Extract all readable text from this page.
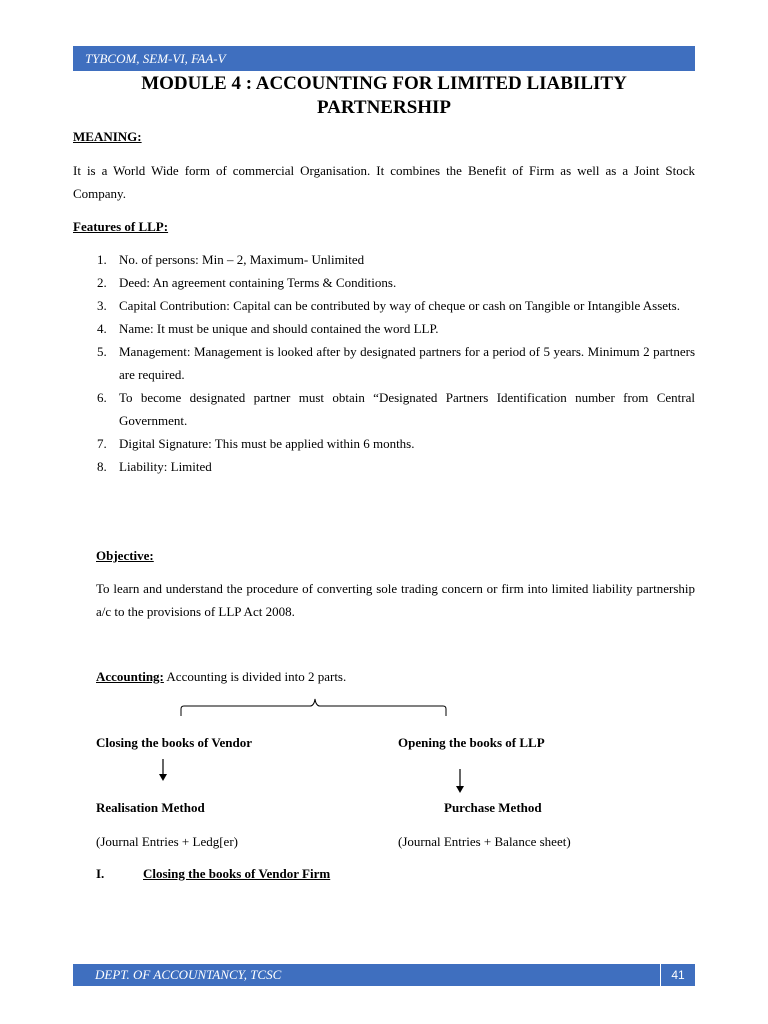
TYBCOM, SEM-VI, FAA-V
MODULE 4 : ACCOUNTING FOR LIMITED LIABILITY
PARTNERSHIP
MEANING:
It is a World Wide form of commercial Organisation. It combines the Benefit of Firm as well as a Joint Stock Company.
Features of LLP:
1. No. of persons: Min – 2, Maximum- Unlimited
2. Deed: An agreement containing Terms & Conditions.
3. Capital Contribution: Capital can be contributed by way of cheque or cash on Tangible or Intangible Assets.
4. Name: It must be unique and should contained the word LLP.
5. Management: Management is looked after by designated partners for a period of 5 years. Minimum 2 partners are required.
6. To become designated partner must obtain “Designated Partners Identification number from Central Government.
7. Digital Signature: This must be applied within 6 months.
8. Liability: Limited
Objective:
To learn and understand the procedure of converting sole trading concern or firm into limited liability partnership a/c to the provisions of LLP Act 2008.
Accounting: Accounting is divided into 2 parts.
Closing the books of Vendor	Opening the books of LLP
Realisation Method	Purchase Method
(Journal Entries + Ledg[er)	(Journal Entries + Balance sheet)
I.	Closing the books of Vendor Firm
DEPT. OF ACCOUNTANCY, TCSC	41
